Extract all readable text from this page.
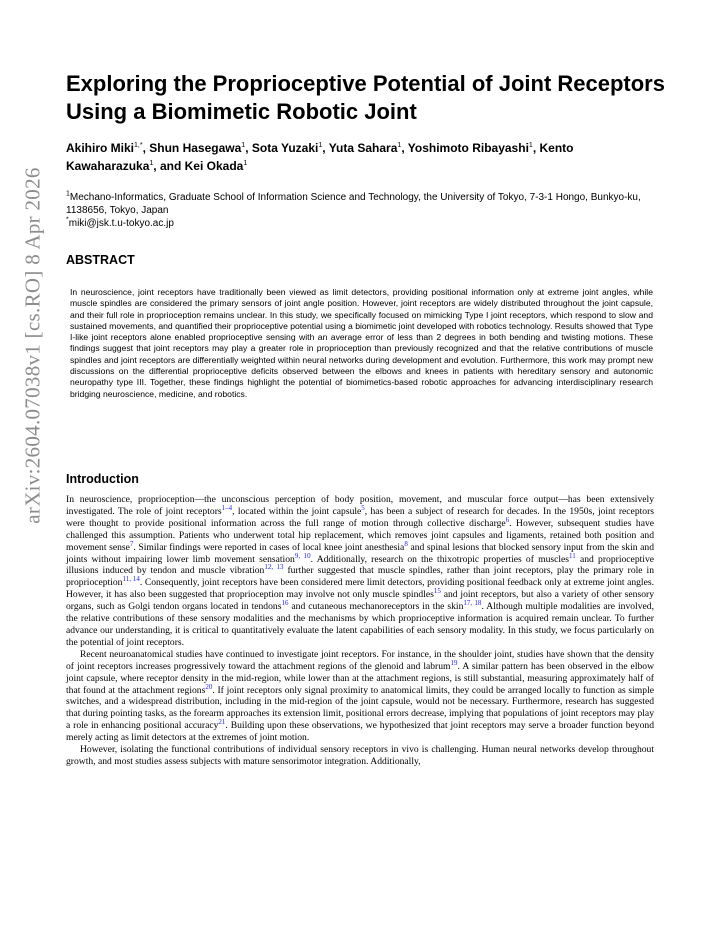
arXiv:2604.07038v1 [cs.RO] 8 Apr 2026
Exploring the Proprioceptive Potential of Joint Receptors Using a Biomimetic Robotic Joint
Akihiro Miki$^{1,*}$, Shun Hasegawa$^1$, Sota Yuzaki$^1$, Yuta Sahara$^1$, Yoshimoto Ribayashi$^1$, Kento Kawaharazuka$^1$, and Kei Okada$^1$
$^1$Mechano-Informatics, Graduate School of Information Science and Technology, the University of Tokyo, 7-3-1 Hongo, Bunkyo-ku, 1138656, Tokyo, Japan
*miki@jsk.t.u-tokyo.ac.jp
ABSTRACT

In neuroscience, joint receptors have traditionally been viewed as limit detectors, providing positional information only at extreme joint angles, while muscle spindles are considered the primary sensors of joint angle position. However, joint receptors are widely distributed throughout the joint capsule, and their full role in proprioception remains unclear. In this study, we specifically focused on mimicking Type I joint receptors, which respond to slow and sustained movements, and quantified their proprioceptive potential using a biomimetic joint developed with robotics technology. Results showed that Type I-like joint receptors alone enabled proprioceptive sensing with an average error of less than 2 degrees in both bending and twisting motions. These findings suggest that joint receptors may play a greater role in proprioception than previously recognized and that the relative contributions of muscle spindles and joint receptors are differentially weighted within neural networks during development and evolution. Furthermore, this work may prompt new discussions on the differential proprioceptive deficits observed between the elbows and knees in patients with hereditary sensory and autonomic neuropathy type III. Together, these findings highlight the potential of biomimetics-based robotic approaches for advancing interdisciplinary research bridging neuroscience, medicine, and robotics.

Introduction

In neuroscience, proprioception—the unconscious perception of body position, movement, and muscular force output—has been extensively investigated. The role of joint receptors$^{1-4}$, located within the joint capsule$^5$, has been a subject of research for decades. In the 1950s, joint receptors were thought to provide positional information across the full range of motion through collective discharge$^6$. However, subsequent studies have challenged this assumption. Patients who underwent total hip replacement, which removes joint capsules and ligaments, retained both position and movement sense$^7$. Similar findings were reported in cases of local knee joint anesthesia$^8$ and spinal lesions that blocked sensory input from the skin and joints without impairing lower limb movement sensation$^{9, 10}$. Additionally, research on the thixotropic properties of muscles$^{11}$ and proprioceptive illusions induced by tendon and muscle vibration$^{12, 13}$ further suggested that muscle spindles, rather than joint receptors, play the primary role in proprioception$^{11, 14}$. Consequently, joint receptors have been considered mere limit detectors, providing positional feedback only at extreme joint angles. However, it has also been suggested that proprioception may involve not only muscle spindles$^{15}$ and joint receptors, but also a variety of other sensory organs, such as Golgi tendon organs located in tendons$^{16}$ and cutaneous mechanoreceptors in the skin$^{17, 18}$. Although multiple modalities are involved, the relative contributions of these sensory modalities and the mechanisms by which proprioceptive information is acquired remain unclear. To further advance our understanding, it is critical to quantitatively evaluate the latent capabilities of each sensory modality. In this study, we focus particularly on the potential of joint receptors.

Recent neuroanatomical studies have continued to investigate joint receptors. For instance, in the shoulder joint, studies have shown that the density of joint receptors increases progressively toward the attachment regions of the glenoid and labrum$^{19}$. A similar pattern has been observed in the elbow joint capsule, where receptor density in the mid-region, while lower than at the attachment regions, is still substantial, measuring approximately half of that found at the attachment regions$^{20}$. If joint receptors only signal proximity to anatomical limits, they could be arranged locally to function as simple switches, and a widespread distribution, including in the mid-region of the joint capsule, would not be necessary. Furthermore, research has suggested that during pointing tasks, as the forearm approaches its extension limit, positional errors decrease, implying that populations of joint receptors may play a role in enhancing positional accuracy$^{21}$. Building upon these observations, we hypothesized that joint receptors may serve a broader function beyond merely acting as limit detectors at the extremes of joint motion.

However, isolating the functional contributions of individual sensory receptors in vivo is challenging. Human neural networks develop throughout growth, and most studies assess subjects with mature sensorimotor integration. Additionally,
